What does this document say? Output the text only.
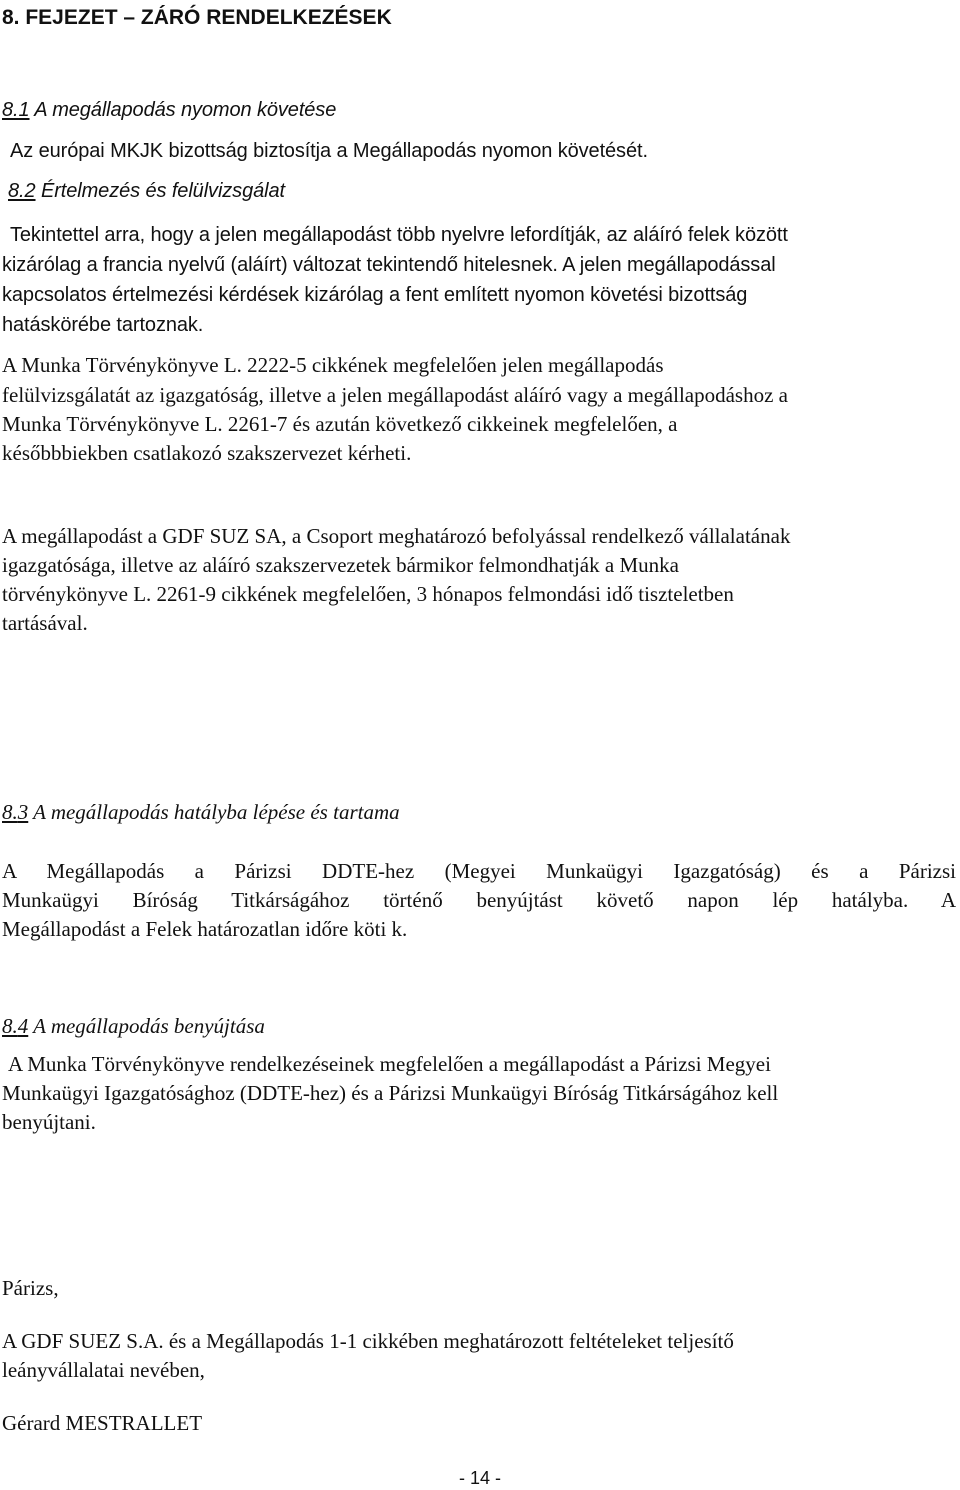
8. FEJEZET – ZÁRÓ RENDELKEZÉSEK
8.1 A megállapodás nyomon követése
Az európai MKJK bizottság biztosítja a Megállapodás nyomon követését.
8.2 Értelmezés és felülvizsgálat
Tekintettel arra, hogy a jelen megállapodást több nyelvre lefordítják, az aláíró felek között
kizárólag a francia nyelvű (aláírt) változat tekintendő hitelesnek. A jelen megállapodással
kapcsolatos értelmezési kérdések kizárólag a fent említett nyomon követési bizottság
hatáskörébe tartoznak.
A Munka Törvénykönyve L. 2222-5 cikkének megfelelően jelen megállapodás
felülvizsgálatát az igazgatóság, illetve a jelen megállapodást aláíró vagy a megállapodáshoz a
Munka Törvénykönyve L. 2261-7 és azután következő cikkeinek megfelelően, a
későbbbiekben csatlakozó szakszervezet kérheti.
A megállapodást a GDF SUZ SA, a Csoport meghatározó befolyással rendelkező vállalatának
igazgatósága, illetve az aláíró szakszervezetek bármikor felmondhatják a Munka
törvénykönyve L. 2261-9 cikkének megfelelően, 3 hónapos felmondási idő tiszteletben
tartásával.
8.3 A megállapodás hatályba lépése és tartama
A Megállapodás a Párizsi DDTE-hez (Megyei Munkaügyi Igazgatóság) és a Párizsi
Munkaügyi Bíróság Titkárságához történő benyújtást követő napon lép hatályba. A
Megállapodást a Felek határozatlan időre köti k.
8.4 A megállapodás benyújtása
A Munka Törvénykönyve rendelkezéseinek megfelelően a megállapodást a Párizsi Megyei
Munkaügyi Igazgatósághoz (DDTE-hez) és a Párizsi Munkaügyi Bíróság Titkárságához kell
benyújtani.
Párizs,
A GDF SUEZ S.A. és a Megállapodás 1-1 cikkében meghatározott feltételeket teljesítő
leányvállalatai nevében,
Gérard MESTRALLET
- 14 -
